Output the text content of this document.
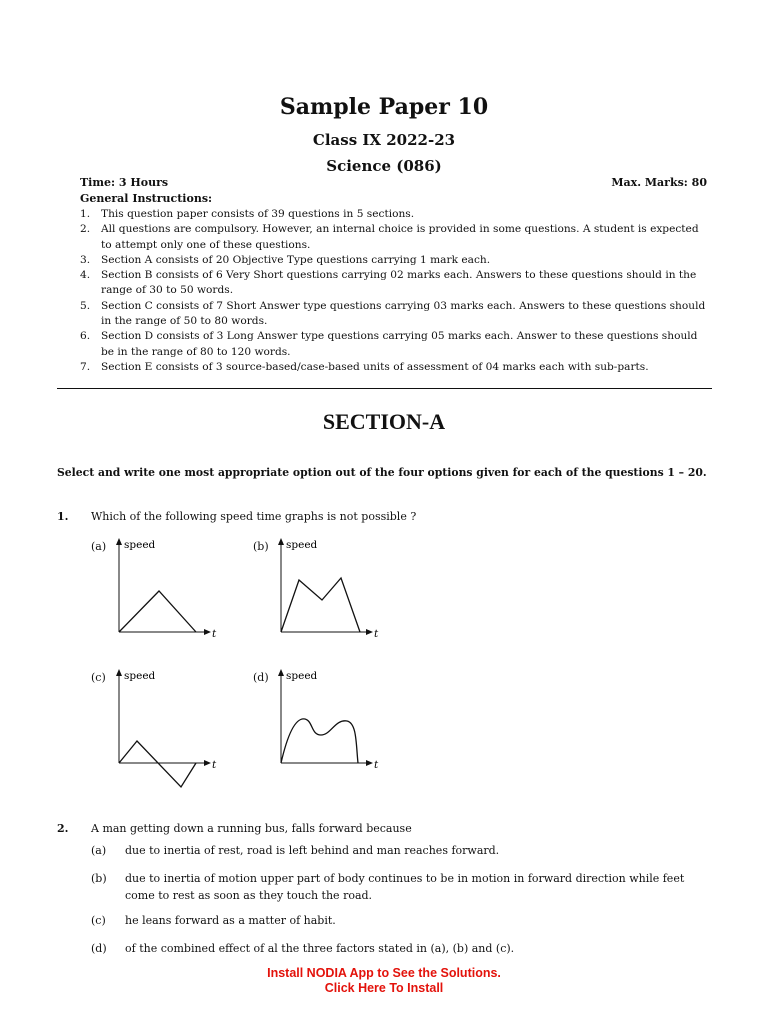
Sample Paper 10
Class IX 2022-23
Science (086)
Time: 3 Hours	Max. Marks: 80
General Instructions:
1. This question paper consists of 39 questions in 5 sections.
2. All questions are compulsory. However, an internal choice is provided in some questions. A student is expected to attempt only one of these questions.
3. Section A consists of 20 Objective Type questions carrying 1 mark each.
4. Section B consists of 6 Very Short questions carrying 02 marks each. Answers to these questions should in the range of 30 to 50 words.
5. Section C consists of 7 Short Answer type questions carrying 03 marks each. Answers to these questions should in the range of 50 to 80 words.
6. Section D consists of 3 Long Answer type questions carrying 05 marks each. Answer to these questions should be in the range of 80 to 120 words.
7. Section E consists of 3 source-based/case-based units of assessment of 04 marks each with sub-parts.
SECTION-A
Select and write one most appropriate option out of the four options given for each of the questions 1 – 20.
1. Which of the following speed time graphs is not possible ?
(a) speed
t
(b) speed
t
(c) speed
t
(d) speed
t
2. A man getting down a running bus, falls forward because
(a)	due to inertia of rest, road is left behind and man reaches forward.
(b)	due to inertia of motion upper part of body continues to be in motion in forward direction while feet come to rest as soon as they touch the road.
(c)	he leans forward as a matter of habit.
(d)	of the combined effect of al the three factors stated in (a), (b) and (c).
Install NODIA App to See the Solutions.
Click Here To Install
